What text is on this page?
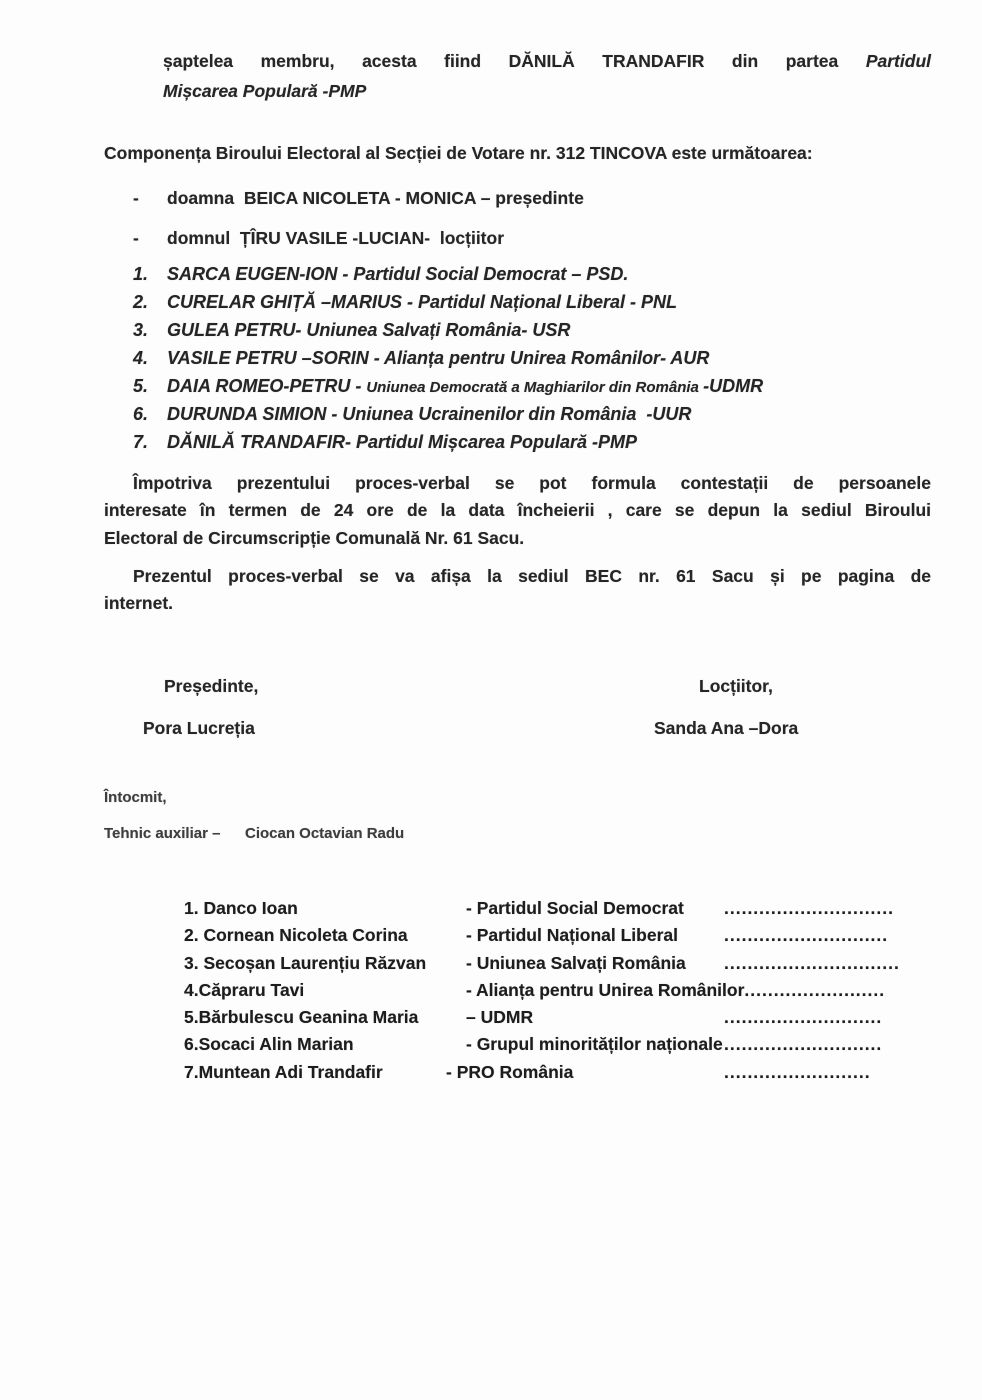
șaptelea membru, acesta fiind DĂNILĂ TRANDAFIR din partea Partidul
Mișcarea Populară -PMP
Componența Biroului Electoral al Secției de Votare nr. 312 TINCOVA este următoarea:
-	doamna  BEICA NICOLETA - MONICA – președinte
-	domnul  ȚÎRU VASILE -LUCIAN-  locțiitor
1.	SARCA EUGEN-ION - Partidul Social Democrat – PSD.
2.	CURELAR GHIȚĂ –MARIUS - Partidul Național Liberal - PNL
3.	GULEA PETRU- Uniunea Salvați România- USR
4.	VASILE PETRU –SORIN - Alianța pentru Unirea Românilor- AUR
5.	DAIA ROMEO-PETRU - Uniunea Democrată a Maghiarilor din România -UDMR
6.	DURUNDA SIMION - Uniunea Ucrainenilor din România  -UUR
7.	DĂNILĂ TRANDAFIR- Partidul Mișcarea Populară -PMP
Împotriva prezentului proces-verbal se pot formula contestații de persoanele
interesate în termen de 24 ore de la data încheierii , care se depun la sediul Biroului
Electoral de Circumscripție Comunală Nr. 61 Sacu.
Prezentul proces-verbal se va afișa la sediul BEC nr. 61 Sacu și pe pagina de
internet.
Președinte,	Locțiitor,
Pora Lucreția	Sanda Ana –Dora
Întocmit,
Tehnic auxiliar –	Ciocan Octavian Radu
1. Danco Ioan	- Partidul Social Democrat	.............................
2. Cornean Nicoleta Corina	- Partidul Național Liberal	............................
3. Secoșan Laurențiu Răzvan	- Uniunea Salvați România	..............................
4.Căpraru Tavi	- Alianța pentru Unirea Românilor ........................
5.Bărbulescu Geanina Maria	– UDMR	...........................
6.Socaci Alin Marian	- Grupul minorităților naționale ...........................
7.Muntean Adi Trandafir	- PRO România	.........................
